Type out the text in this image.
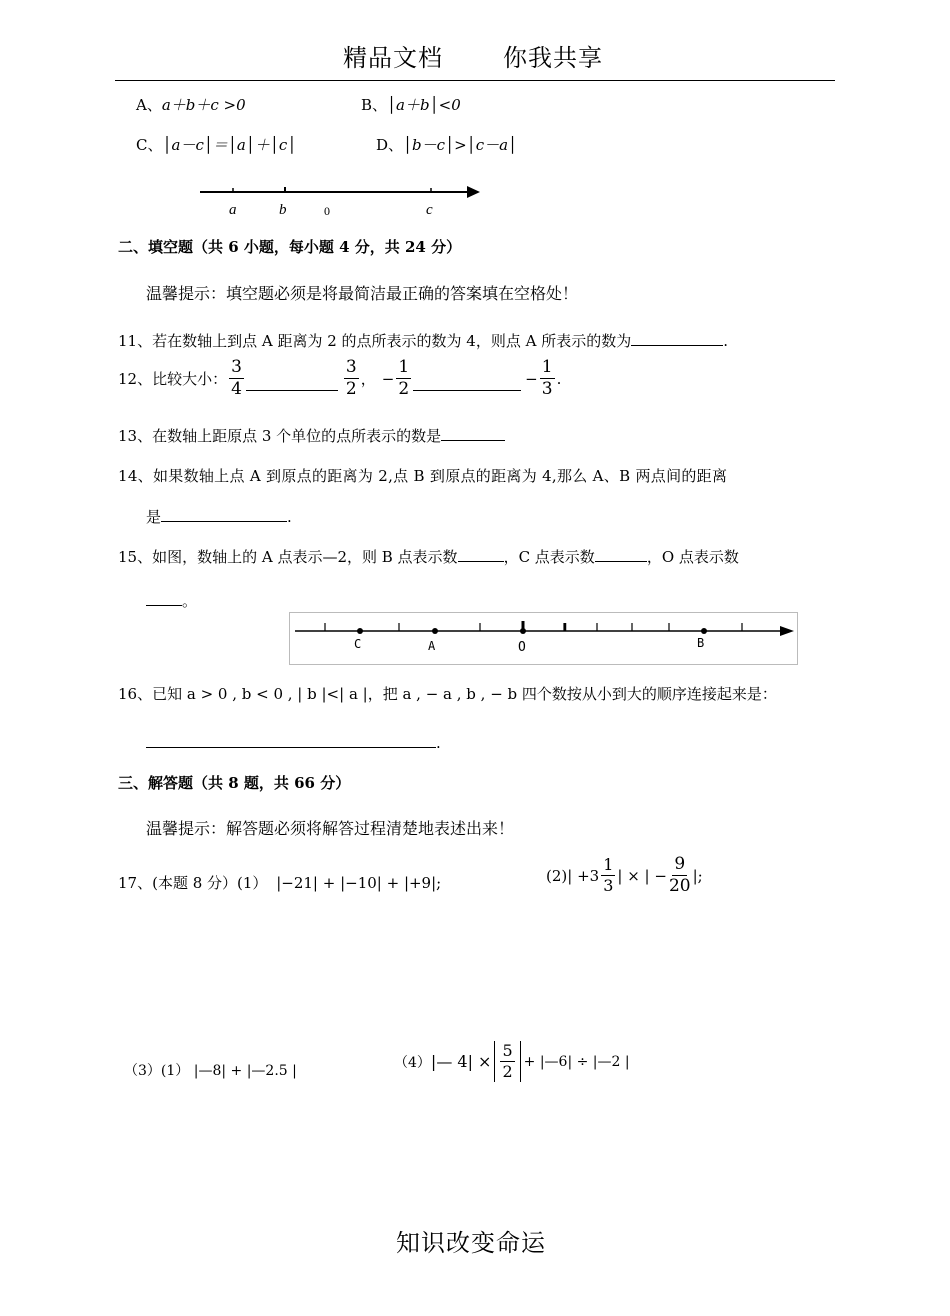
精品文档	你我共享
A、a＋b＋c >0	B、│a＋b│<0
C、│a－c│＝│a│＋│c│	D、│b－c│>│c－a│
a	b	0	c
二、填空题（共 6 小题，每小题 4 分，共 24 分）
温馨提示：填空题必须是将最简洁最正确的答案填在空格处！
11、若在数轴上到点 A 距离为 2 的点所表示的数为 4，则点 A 所表示的数为	.
12、比较大小： $\frac{3}{4}$	$\frac{3}{2}$ ， − $\frac{1}{2}$	− $\frac{1}{3}$ .
13、在数轴上距原点 3 个单位的点所表示的数是
14、如果数轴上点 A 到原点的距离为 2,点 B 到原点的距离为 4,那么 A、B 两点间的距离
是	.
15、如图，数轴上的 A 点表示—2，则 B 点表示数	，C 点表示数	，O 点表示数
。
C	A	O	B
16、已知 a > 0 , b < 0 , | b |<| a |，把 a , − a , b , − b 四个数按从小到大的顺序连接起来是：
.
三、解答题（共 8 题，共 66 分）
温馨提示：解答题必须将解答过程清楚地表述出来！
17、(本题 8 分）(1） |−21| + |−10| + |+9|;	(2) | $+3 \frac{1}{3}$ | × | − $\frac{9}{20}$ |;
（3）(1） |—8| + |—2.5 |
（4） |— $4| \times \frac{5}{2}$ + |—6| ÷ |—2 |
知识改变命运
